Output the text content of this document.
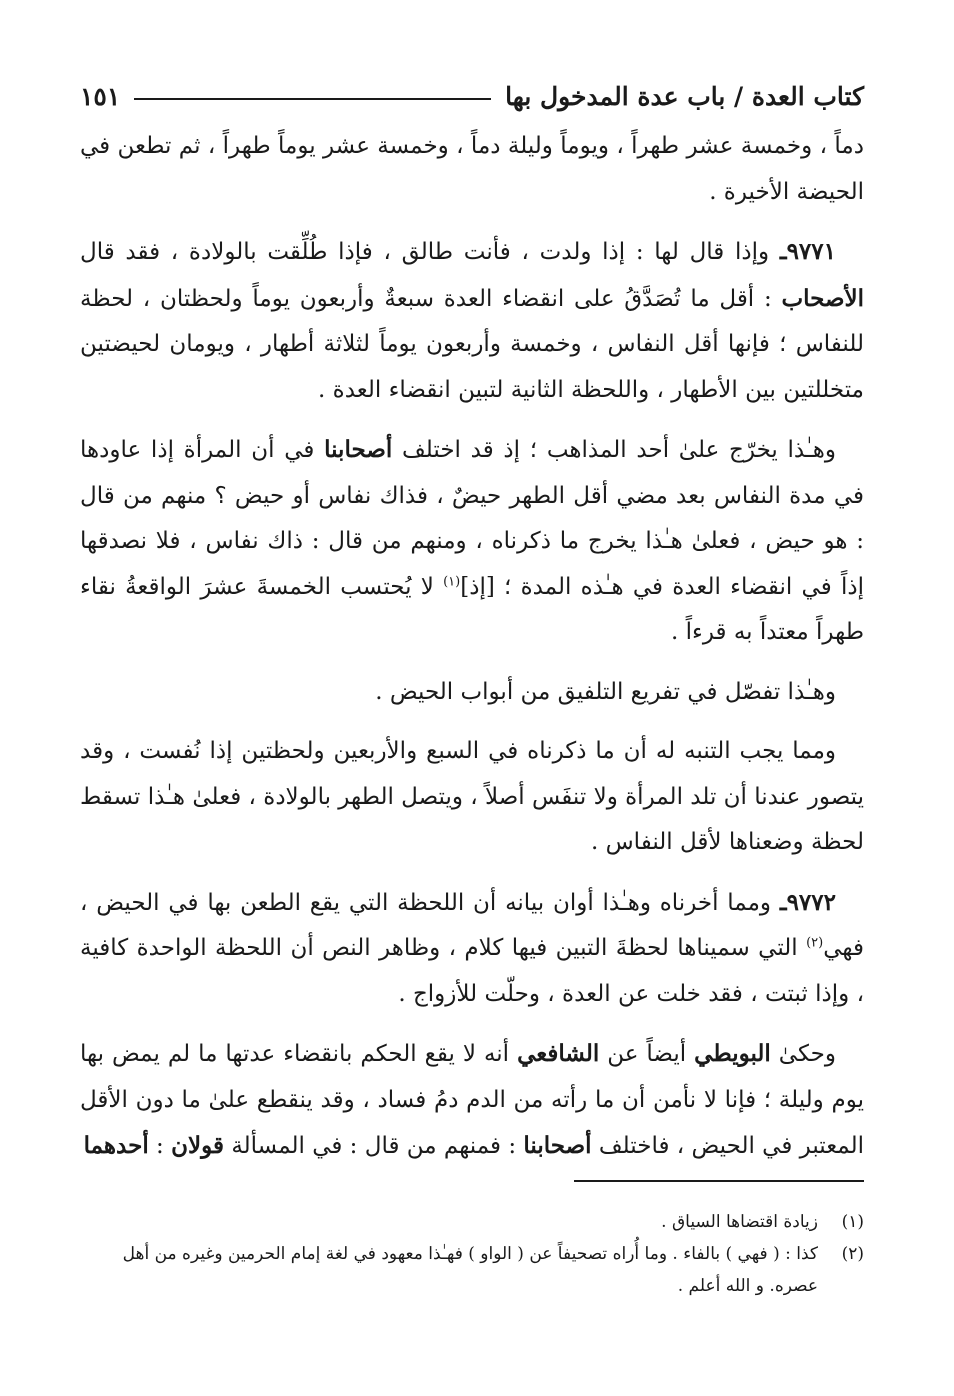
كتاب العدة / باب عدة المدخول بها
١٥١

دماً ، وخمسة عشر طهراً ، ويوماً وليلة دماً ، وخمسة عشر يوماً طهراً ، ثم تطعن في الحيضة الأخيرة .

٩٧٧١ـ وإذا قال لها : إذا ولدت ، فأنت طالق ، فإذا طُلِّقت بالولادة ، فقد قال الأصحاب : أقل ما تُصَدَّقُ على انقضاء العدة سبعةٌ وأربعون يوماً ولحظتان ، لحظة للنفاس ؛ فإنها أقل النفاس ، وخمسة وأربعون يوماً لثلاثة أطهار ، ويومان لحيضتين متخللتين بين الأطهار ، واللحظة الثانية لتبين انقضاء العدة .

وهـٰذا يخرّج علىٰ أحد المذاهب ؛ إذ قد اختلف أصحابنا في أن المرأة إذا عاودها في مدة النفاس بعد مضي أقل الطهر حيضٌ ، فذاك نفاس أو حيض ؟ منهم من قال : هو حيض ، فعلىٰ هـٰذا يخرج ما ذكرناه ، ومنهم من قال : ذاك نفاس ، فلا نصدقها إذاً في انقضاء العدة في هـٰذه المدة ؛ [إذ]$^{(١)}$ لا يُحتسب الخمسةَ عشرَ الواقعةُ نقاء طهراً معتداً به قرءاً .

وهـٰذا تفصّل في تفريع التلفيق من أبواب الحيض .

ومما يجب التنبه له أن ما ذكرناه في السبع والأربعين ولحظتين إذا نُفست ، وقد يتصور عندنا أن تلد المرأة ولا تنفَس أصلاً ، ويتصل الطهر بالولادة ، فعلىٰ هـٰذا تسقط لحظة وضعناها لأقل النفاس .

٩٧٧٢ـ ومما أخرناه وهـٰذا أوان بيانه أن اللحظة التي يقع الطعن بها في الحيض ، فهي$^{(٢)}$ التي سميناها لحظةَ التبين فيها كلام ، وظاهر النص أن اللحظة الواحدة كافية ، وإذا ثبتت ، فقد خلت عن العدة ، وحلّت للأزواج .

وحكىٰ البويطي أيضاً عن الشافعي أنه لا يقع الحكم بانقضاء عدتها ما لم يمض بها يوم وليلة ؛ فإنا لا نأمن أن ما رأته من الدم دمُ فساد ، وقد ينقطع علىٰ ما دون الأقل المعتبر في الحيض ، فاختلف أصحابنا : فمنهم من قال : في المسألة قولان : أحدهما

(١)
زيادة اقتضاها السياق .
(٢)
كذا : ( فهي ) بالفاء . وما أُراه تصحيفاً عن ( الواو ) فهـٰذا معهود في لغة إمام الحرمين وغيره من أهل عصره. و الله أعلم .
